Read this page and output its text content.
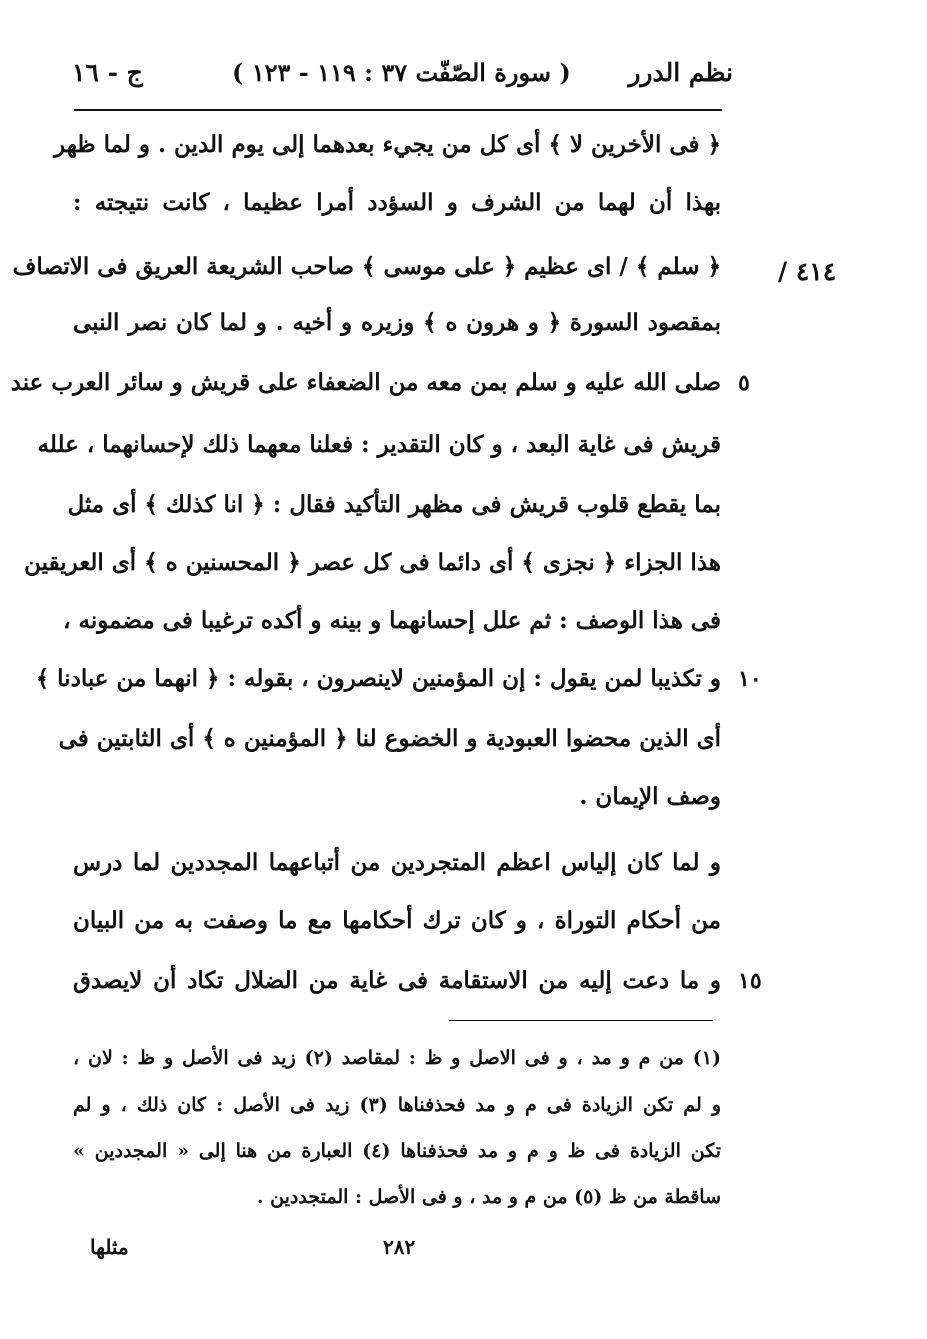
نظم الدرر
( سورة الصّفّت ٣٧ : ١١٩ - ١٢٣ )
ج - ١٦
٤١٤ /
﴿ فى الأخرين لا ﴾ أى كل من يجيء بعدهما إلى يوم الدين . و لما ظهر
بهذا أن لهما من الشرف و السؤدد أمرا عظيما ، كانت نتيجته :
﴿ سلم ﴾ / اى عظيم ﴿ على موسى ﴾ صاحب الشريعة العريق فى الاتصاف
بمقصود السورة ﴿ و هرون ه ﴾ وزيره و أخيه . و لما كان نصر النبى
صلى الله عليه و سلم بمن معه من الضعفاء على قريش و سائر العرب عند
قريش فى غاية البعد ، و كان التقدير : فعلنا معهما ذلك لإحسانهما ، علله
بما يقطع قلوب قريش فى مظهر التأكيد فقال : ﴿ انا كذلك ﴾ أى مثل
هذا الجزاء ﴿ نجزى ﴾ أى دائما فى كل عصر ﴿ المحسنين ه ﴾ أى العريقين
فى هذا الوصف : ثم علل إحسانهما و بينه و أكده ترغيبا فى مضمونه ،
و تكذيبا لمن يقول : إن المؤمنين لاينصرون ، بقوله : ﴿ انهما من عبادنا ﴾
أى الذين محضوا العبودية و الخضوع لنا ﴿ المؤمنين ه ﴾ أى الثابتين فى
وصف الإيمان .
و لما كان إلياس اعظم المتجردين من أتباعهما المجددين لما درس
من أحكام التوراة ، و كان ترك أحكامها مع ما وصفت به من البيان
و ما دعت إليه من الاستقامة فى غاية من الضلال تكاد أن لايصدق
٥
١٠
١٥
(١) من م و مد ، و فى الاصل و ظ : لمقاصد (٢) زيد فى الأصل و ظ : لان ،
و لم تكن الزيادة فى م و مد فحذفناها (٣) زيد فى الأصل : كان ذلك ، و لم
تكن الزيادة فى ظ و م و مد فحذفناها (٤) العبارة من هنا إلى « المجددين »
ساقطة من ظ (٥) من م و مد ، و فى الأصل : المتجددين .
٢٨٢
مثلها
